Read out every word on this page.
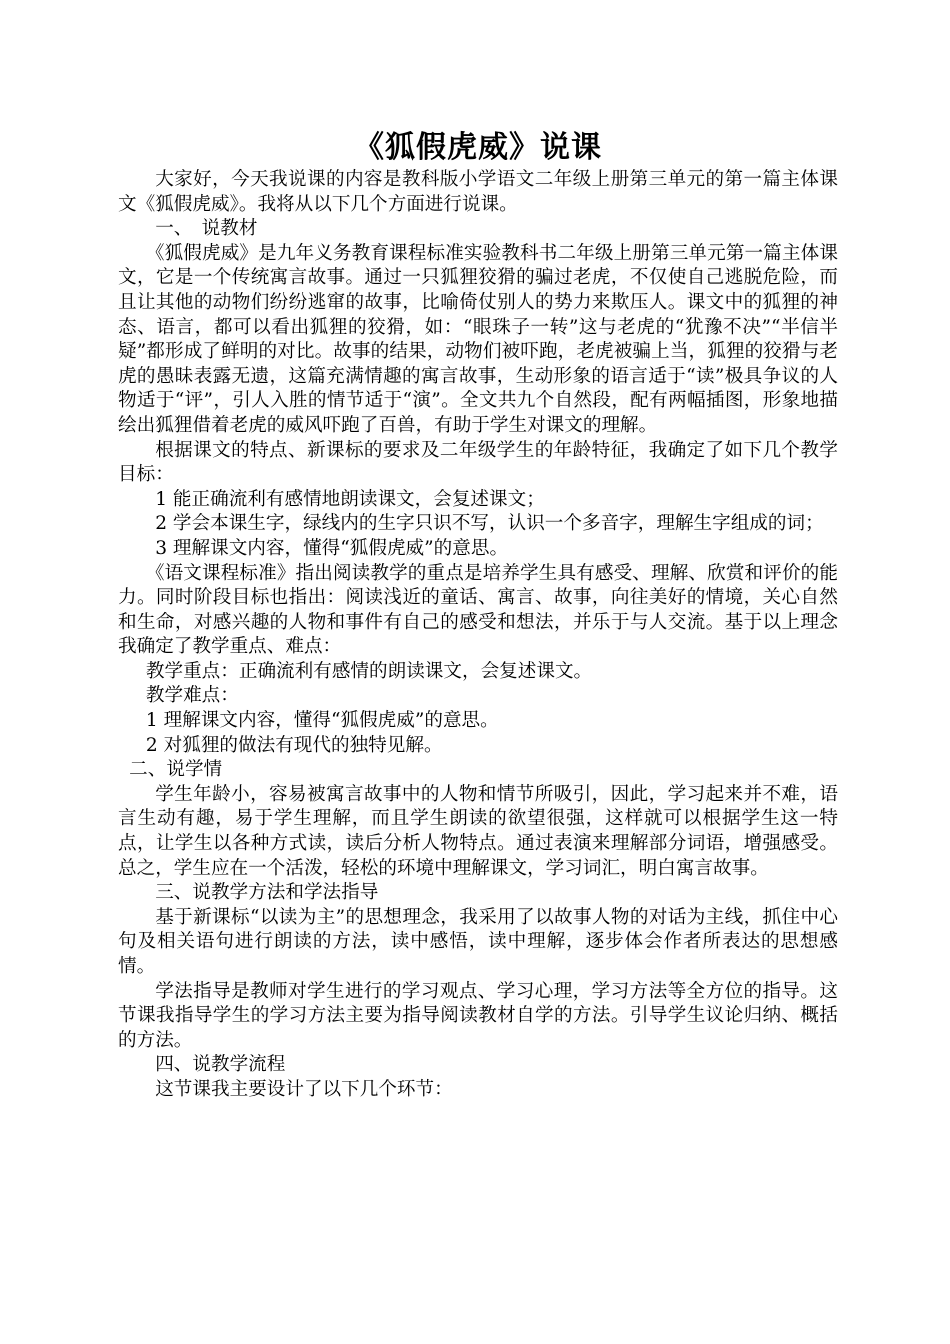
《狐假虎威》说课

大家好，今天我说课的内容是教科版小学语文二年级上册第三单元的第一篇主体课文《狐假虎威》。我将从以下几个方面进行说课。

一、　说教材

《狐假虎威》是九年义务教育课程标准实验教科书二年级上册第三单元第一篇主体课文，它是一个传统寓言故事。通过一只狐狸狡猾的骗过老虎，不仅使自己逃脱危险，而且让其他的动物们纷纷逃窜的故事，比喻倚仗别人的势力来欺压人。课文中的狐狸的神态、语言，都可以看出狐狸的狡猾，如：“眼珠子一转”这与老虎的“犹豫不决”“半信半疑”都形成了鲜明的对比。故事的结果，动物们被吓跑，老虎被骗上当，狐狸的狡猾与老虎的愚昧表露无遗，这篇充满情趣的寓言故事，生动形象的语言适于“读”极具争议的人物适于“评”，引人入胜的情节适于“演”。全文共九个自然段，配有两幅插图，形象地描绘出狐狸借着老虎的威风吓跑了百兽，有助于学生对课文的理解。

根据课文的特点、新课标的要求及二年级学生的年龄特征，我确定了如下几个教学目标：

1 能正确流利有感情地朗读课文，会复述课文；

2 学会本课生字，绿线内的生字只识不写，认识一个多音字，理解生字组成的词；

3 理解课文内容，懂得“狐假虎威”的意思。

《语文课程标准》指出阅读教学的重点是培养学生具有感受、理解、欣赏和评价的能力。同时阶段目标也指出：阅读浅近的童话、寓言、故事，向往美好的情境，关心自然和生命，对感兴趣的人物和事件有自己的感受和想法，并乐于与人交流。基于以上理念我确定了教学重点、难点：

教学重点：正确流利有感情的朗读课文，会复述课文。

教学难点：

1 理解课文内容，懂得“狐假虎威”的意思。

2 对狐狸的做法有现代的独特见解。

二、说学情

学生年龄小，容易被寓言故事中的人物和情节所吸引，因此，学习起来并不难，语言生动有趣，易于学生理解，而且学生朗读的欲望很强，这样就可以根据学生这一特点，让学生以各种方式读，读后分析人物特点。通过表演来理解部分词语，增强感受。总之，学生应在一个活泼，轻松的环境中理解课文，学习词汇，明白寓言故事。

三、说教学方法和学法指导

基于新课标“以读为主”的思想理念，我采用了以故事人物的对话为主线，抓住中心句及相关语句进行朗读的方法，读中感悟，读中理解，逐步体会作者所表达的思想感情。

学法指导是教师对学生进行的学习观点、学习心理，学习方法等全方位的指导。这节课我指导学生的学习方法主要为指导阅读教材自学的方法。引导学生议论归纳、概括的方法。

四、说教学流程

这节课我主要设计了以下几个环节：
